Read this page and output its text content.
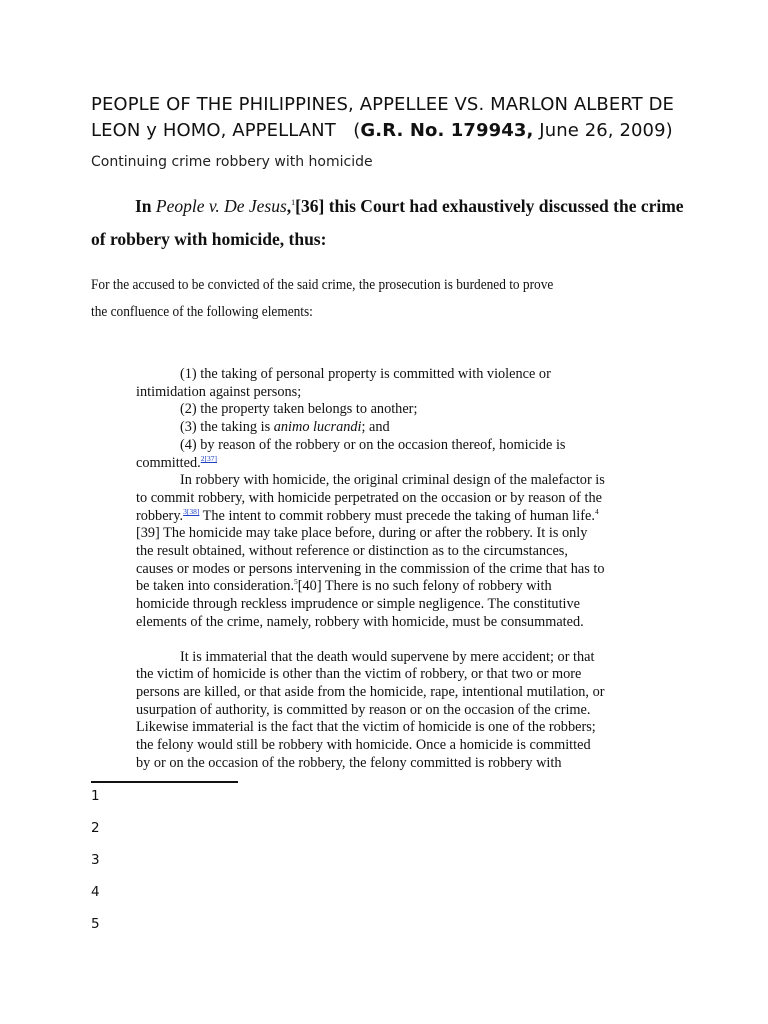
PEOPLE OF THE PHILIPPINES, APPELLEE VS. MARLON ALBERT DE LEON y HOMO, APPELLANT (G.R. No. 179943, June 26, 2009)
Continuing crime robbery with homicide
In People v. De Jesus,$^1$[36] this Court had exhaustively discussed the crime of robbery with homicide, thus:
For the accused to be convicted of the said crime, the prosecution is burdened to prove
the confluence of the following elements:
(1) the taking of personal property is committed with violence or
intimidation against persons;
(2) the property taken belongs to another;
(3) the taking is animo lucrandi; and
(4) by reason of the robbery or on the occasion thereof, homicide is
committed.$^{2[37]}$
In robbery with homicide, the original criminal design of the malefactor is
to commit robbery, with homicide perpetrated on the occasion or by reason of the
robbery.$^{3[38]}$ The intent to commit robbery must precede the taking of human life.$^4$
[39] The homicide may take place before, during or after the robbery. It is only
the result obtained, without reference or distinction as to the circumstances,
causes or modes or persons intervening in the commission of the crime that has to
be taken into consideration.$^5$[40] There is no such felony of robbery with
homicide through reckless imprudence or simple negligence. The constitutive
elements of the crime, namely, robbery with homicide, must be consummated.
It is immaterial that the death would supervene by mere accident; or that
the victim of homicide is other than the victim of robbery, or that two or more
persons are killed, or that aside from the homicide, rape, intentional mutilation, or
usurpation of authority, is committed by reason or on the occasion of the crime.
Likewise immaterial is the fact that the victim of homicide is one of the robbers;
the felony would still be robbery with homicide. Once a homicide is committed
by or on the occasion of the robbery, the felony committed is robbery with
1
2
3
4
5
